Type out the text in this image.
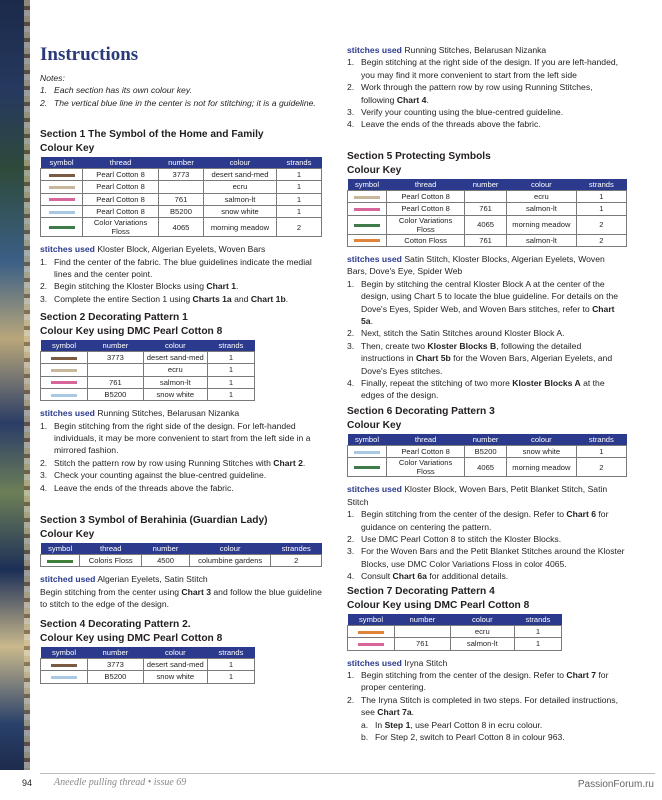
Instructions
Notes:
1. Each section has its own colour key.
2. The vertical blue line in the center is not for stitching; it is a guideline.
Section 1 The Symbol of the Home and Family
Colour Key
symbol	thread	number	colour	strands
	Pearl Cotton 8	3773	desert sand-med	1
	Pearl Cotton 8		ecru	1
	Pearl Cotton 8	761	salmon-lt	1
	Pearl Cotton 8	B5200	snow white	1
	Color Variations Floss	4065	morning meadow	2
stitches used Kloster Block, Algerian Eyelets, Woven Bars
1. Find the center of the fabric. The blue guidelines indicate the medial lines and the center point.
2. Begin stitching the Kloster Blocks using Chart 1.
3. Complete the entire Section 1 using Charts 1a and Chart 1b.
Section 2 Decorating Pattern 1
Colour Key using DMC Pearl Cotton 8
symbol	number	colour	strands
	3773	desert sand-med	1
		ecru	1
	761	salmon-lt	1
	B5200	snow white	1
stitches used Running Stitches, Belarusan Nizanka
1. Begin stitching from the right side of the design. For left-handed individuals, it may be more convenient to start from the left side in a mirrored fashion.
2. Stitch the pattern row by row using Running Stitches with Chart 2.
3. Check your counting against the blue-centred guideline.
4. Leave the ends of the threads above the fabric.
Section 3 Symbol of Berahinia (Guardian Lady)
Colour Key
symbol	thread	number	colour	strandes
	Coloris Floss	4500	columbine gardens	2
stitched used Algerian Eyelets, Satin Stitch
Begin stitching from the center using Chart 3 and follow the blue guideline to stitch to the edge of the design.
Section 4 Decorating Pattern 2.
Colour Key using DMC Pearl Cotton 8
symbol	number	colour	strands
	3773	desert sand-med	1
	B5200	snow white	1
stitches used Running Stitches, Belarusan Nizanka
1. Begin stitching at the right side of the design. If you are left-handed, you may find it more convenient to start from the left side
2. Work through the pattern row by row using Running Stitches, following Chart 4.
3. Verify your counting using the blue-centred guideline.
4. Leave the ends of the threads above the fabric.
Section 5 Protecting Symbols
Colour Key
symbol	thread	number	colour	strands
	Pearl Cotton 8		ecru	1
	Pearl Cotton 8	761	salmon-lt	1
	Color Variations Floss	4065	morning meadow	2
	Cotton Floss	761	salmon-lt	2
stitches used Satin Stitch, Kloster Blocks, Algerian Eyelets, Woven Bars, Dove's Eye, Spider Web
1. Begin by stitching the central Kloster Block A at the center of the design, using Chart 5 to locate the blue guideline. For details on the Dove's Eyes, Spider Web, and Woven Bars stitches, refer to Chart 5a.
2. Next, stitch the Satin Stitches around Kloster Block A.
3. Then, create two Kloster Blocks B, following the detailed instructions in Chart 5b for the Woven Bars, Algerian Eyelets, and Dove's Eyes stitches.
4. Finally, repeat the stitching of two more Kloster Blocks A at the edges of the design.
Section 6 Decorating Pattern 3
Colour Key
symbol	thread	number	colour	strands
	Pearl Cotton 8	B5200	snow white	1
	Color Variations Floss	4065	morning meadow	2
stitches used Kloster Block, Woven Bars, Petit Blanket Stitch, Satin Stitch
1. Begin stitching from the center of the design. Refer to Chart 6 for guidance on centering the pattern.
2. Use DMC Pearl Cotton 8 to stitch the Kloster Blocks.
3. For the Woven Bars and the Petit Blanket Stitches around the Kloster Blocks, use DMC Color Variations Floss in color 4065.
4. Consult Chart 6a for additional details.
Section 7 Decorating Pattern 4
Colour Key using DMC Pearl Cotton 8
symbol	number	colour	strands
		ecru	1
	761	salmon-lt	1
stitches used Iryna Stitch
1. Begin stitching from the center of the design. Refer to Chart 7 for proper centering.
2. The Iryna Stitch is completed in two steps. For detailed instructions, see Chart 7a.
a. In Step 1, use Pearl Cotton 8 in ecru colour.
b. For Step 2, switch to Pearl Cotton 8 in colour 963.
94 Aneedle pulling thread • issue 69	PassionForum.ru
